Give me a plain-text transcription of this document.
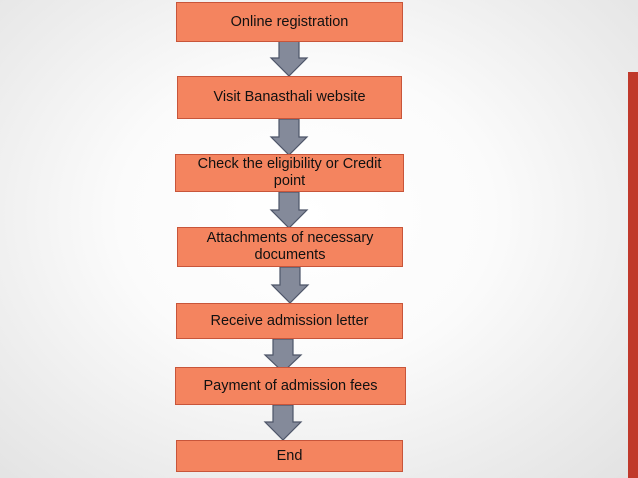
Online registration
Visit Banasthali website
Check the eligibility or Credit point
Attachments of necessary documents
Receive admission letter
Payment of admission fees
End
